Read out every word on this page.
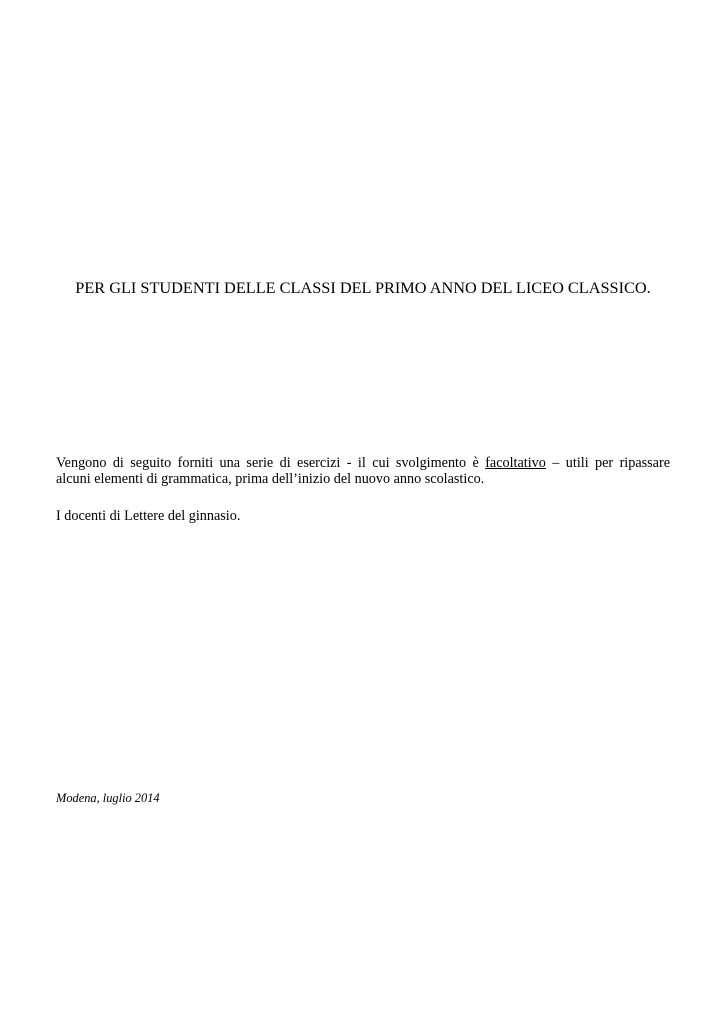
PER GLI STUDENTI DELLE CLASSI DEL PRIMO ANNO DEL LICEO CLASSICO.
Vengono di seguito forniti una serie di esercizi - il cui svolgimento è facoltativo – utili per ripassare
alcuni elementi di grammatica, prima dell’inizio del nuovo anno scolastico.
I docenti di Lettere del ginnasio.
Modena, luglio 2014
